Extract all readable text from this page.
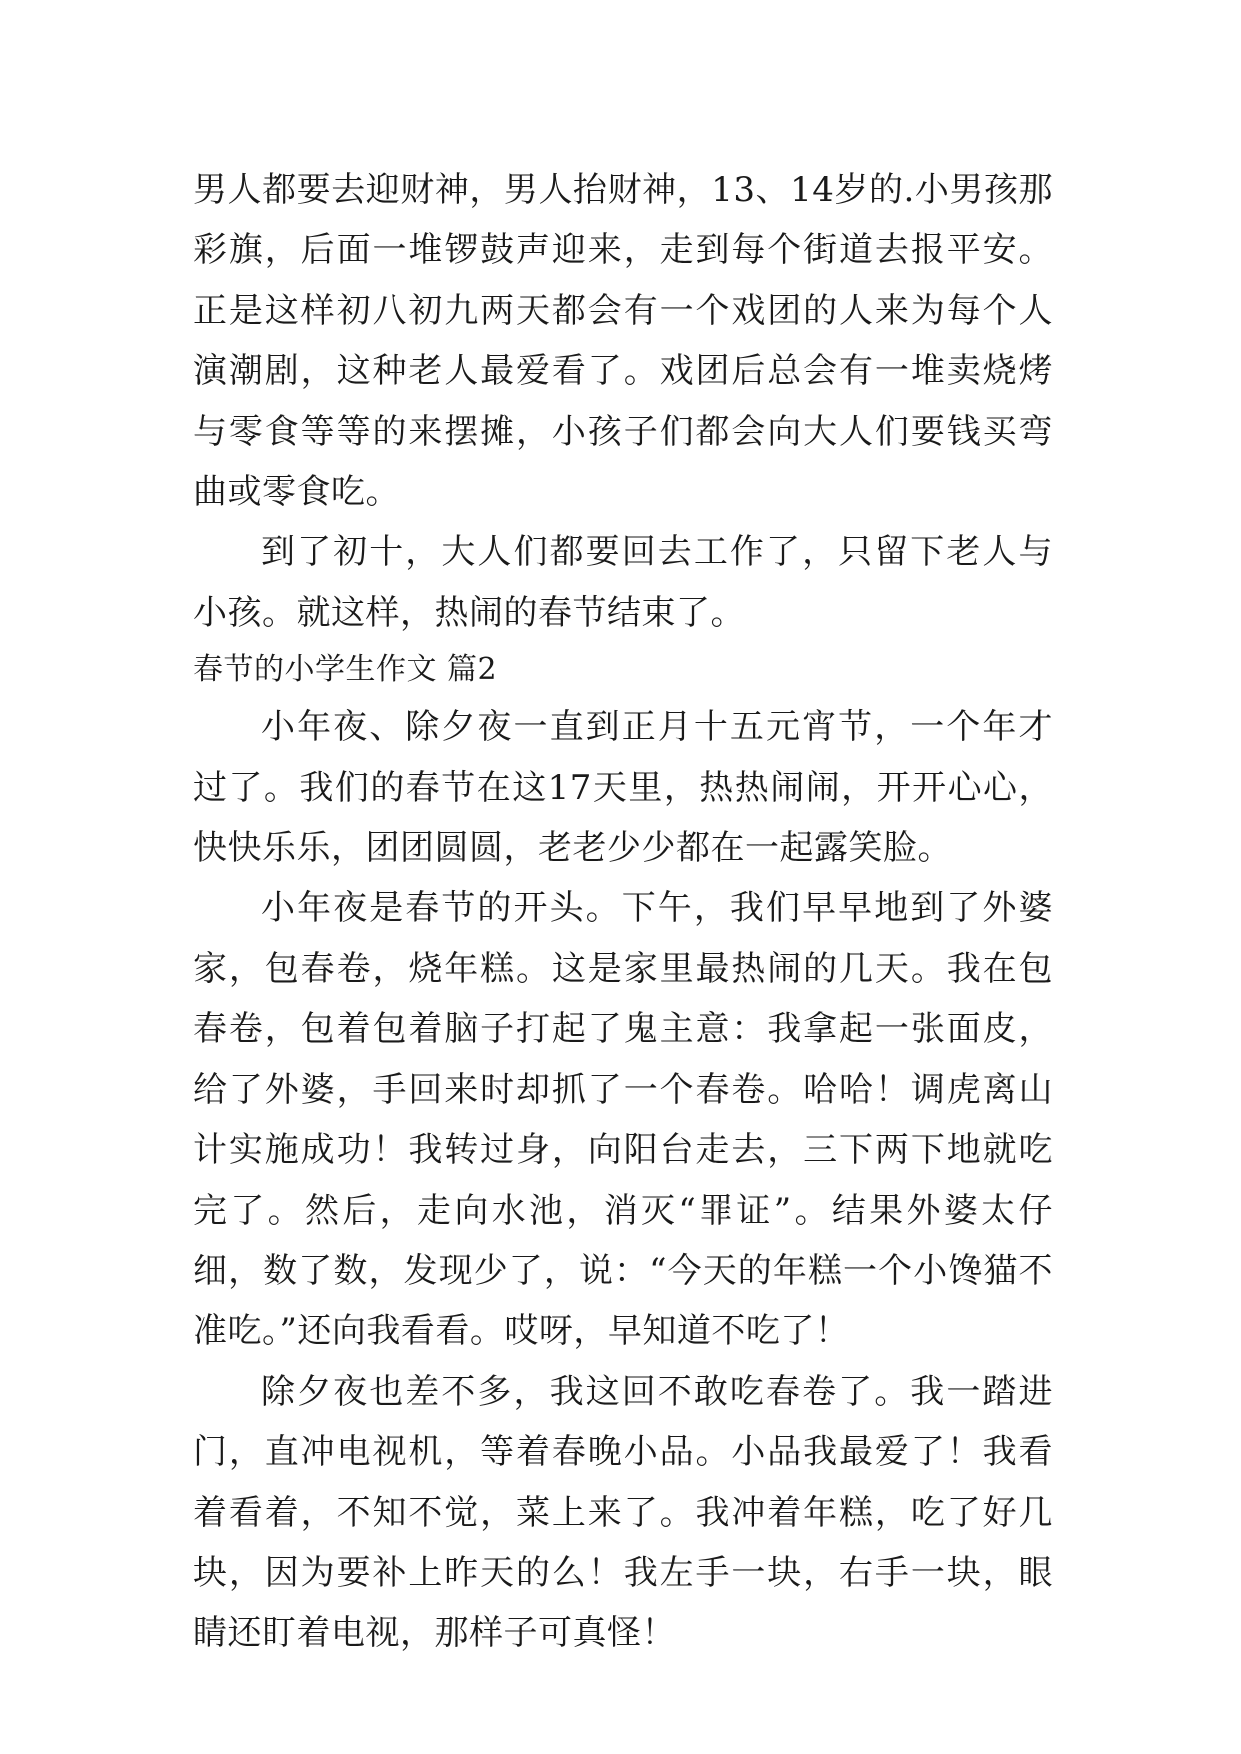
男人都要去迎财神，男人抬财神，13、14岁的.小男孩那彩旗，后面一堆锣鼓声迎来，走到每个街道去报平安。正是这样初八初九两天都会有一个戏团的人来为每个人演潮剧，这种老人最爱看了。戏团后总会有一堆卖烧烤与零食等等的来摆摊，小孩子们都会向大人们要钱买弯曲或零食吃。

到了初十，大人们都要回去工作了，只留下老人与小孩。就这样，热闹的春节结束了。

春节的小学生作文 篇2

小年夜、除夕夜一直到正月十五元宵节，一个年才过了。我们的春节在这17天里，热热闹闹，开开心心，快快乐乐，团团圆圆，老老少少都在一起露笑脸。

小年夜是春节的开头。下午，我们早早地到了外婆家，包春卷，烧年糕。这是家里最热闹的几天。我在包春卷，包着包着脑子打起了鬼主意：我拿起一张面皮，给了外婆，手回来时却抓了一个春卷。哈哈！调虎离山计实施成功！我转过身，向阳台走去，三下两下地就吃完了。然后，走向水池，消灭“罪证”。结果外婆太仔细，数了数，发现少了，说：“今天的年糕一个小馋猫不准吃。”还向我看看。哎呀，早知道不吃了！

除夕夜也差不多，我这回不敢吃春卷了。我一踏进门，直冲电视机，等着春晚小品。小品我最爱了！我看着看着，不知不觉，菜上来了。我冲着年糕，吃了好几块，因为要补上昨天的么！我左手一块，右手一块，眼睛还盯着电视，那样子可真怪！
